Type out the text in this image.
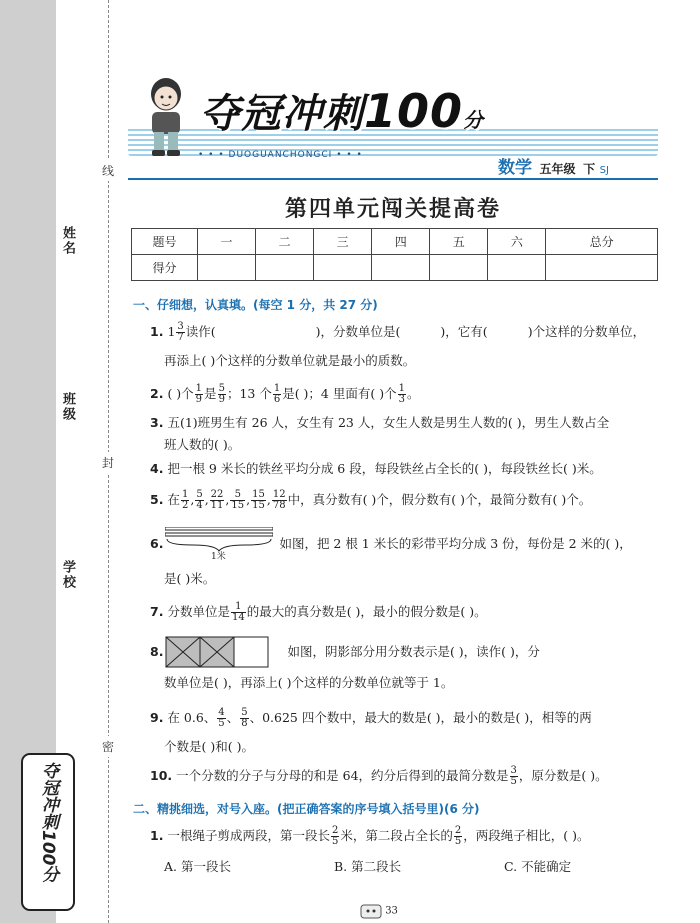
姓名
班级
学校
线
封
密
夺冠冲刺100分
夺冠冲刺100分
• • • DUOGUANCHONGCI • • •
数学 五年级 下 SJ
第四单元闯关提高卷
题号	一	二	三	四	五	六	总分
得分							
一、仔细想，认真填。(每空 1 分，共 27 分)
1. $1 \frac{3}{7}$ 读作(	)，分数单位是(	)，它有(	)个这样的分数单位，
再添上( )个这样的分数单位就是最小的质数。
2. ( )个 $\frac{1}{9}$ 是 $\frac{5}{9}$ ；13 个 $\frac{1}{6}$ 是( )；4 里面有( )个 $\frac{1}{3}$ 。
3. 五(1)班男生有 26 人，女生有 23 人，女生人数是男生人数的( )，男生人数占全
班人数的( )。
4. 把一根 9 米长的铁丝平均分成 6 段，每段铁丝占全长的( )，每段铁丝长( )米。
5. 在 $\frac{1}{2}$ , $\frac{5}{4}$ , $\frac{22}{11}$ , $\frac{5}{15}$ , $\frac{15}{15}$ , $\frac{12}{78}$ 中，真分数有( )个，假分数有( )个，最简分数有( )个。
6.	如图，把 2 根 1 米长的彩带平均分成 3 份，每份是 2 米的( )，
1米
是( )米。
7. 分数单位是 $\frac{1}{14}$ 的最大的真分数是( )，最小的假分数是( )。
8.	如图，阴影部分用分数表示是( )，读作( )，分
数单位是( )，再添上( )个这样的分数单位就等于 1。
9. 在 0.6、 $\frac{4}{5}$ 、 $\frac{5}{8}$ 、0.625 四个数中，最大的数是( )，最小的数是( )，相等的两
个数是( )和( )。
10. 一个分数的分子与分母的和是 64，约分后得到的最简分数是 $\frac{3}{5}$ ，原分数是( )。
二、精挑细选，对号入座。(把正确答案的序号填入括号里)(6 分)
1. 一根绳子剪成两段，第一段长 $\frac{2}{5}$ 米，第二段占全长的 $\frac{2}{5}$ ，两段绳子相比，( )。
A. 第一段长	B. 第二段长	C. 不能确定
33
